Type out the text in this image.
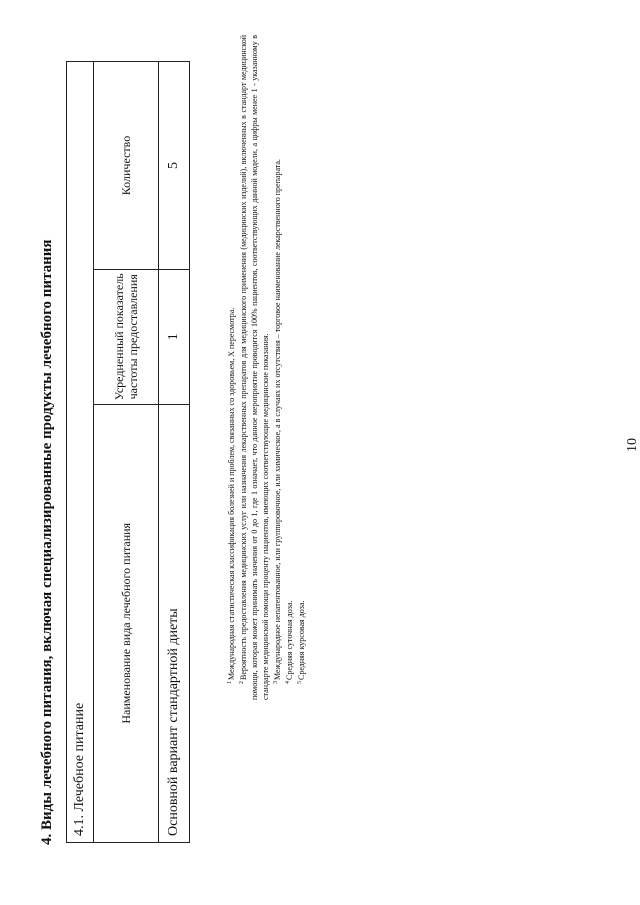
10
4. Виды лечебного питания, включая специализированные продукты лечебного питания 4.1. Лечебное питание		
Наименование вида лечебного питания	Усредненный показатель частоты предоставления	Количество
Основной вариант стандартной диеты	1	5

$^1$Международная статистическая классификация болезней и проблем, связанных со здоровьем, X пересмотра.

$^2$Вероятность предоставления медицинских услуг или назначения лекарственных препаратов для медицинского применения (медицинских изделий), включенных в стандарт медицинской помощи, которая может принимать значения от 0 до 1, где 1 означает, что данное мероприятие проводится 100% пациентов, соответствующих данной модели, а цифры менее 1 - указанному в стандарте медицинской помощи проценту пациентов, имеющих соответствующие медицинские показания. $^3$Международное непатентованное, или группировочное, или химическое, а в случаях их отсутствия – торговое наименование лекарственного препарата.

$^4$Средняя суточная доза.

$^5$Средняя курсовая доза.
